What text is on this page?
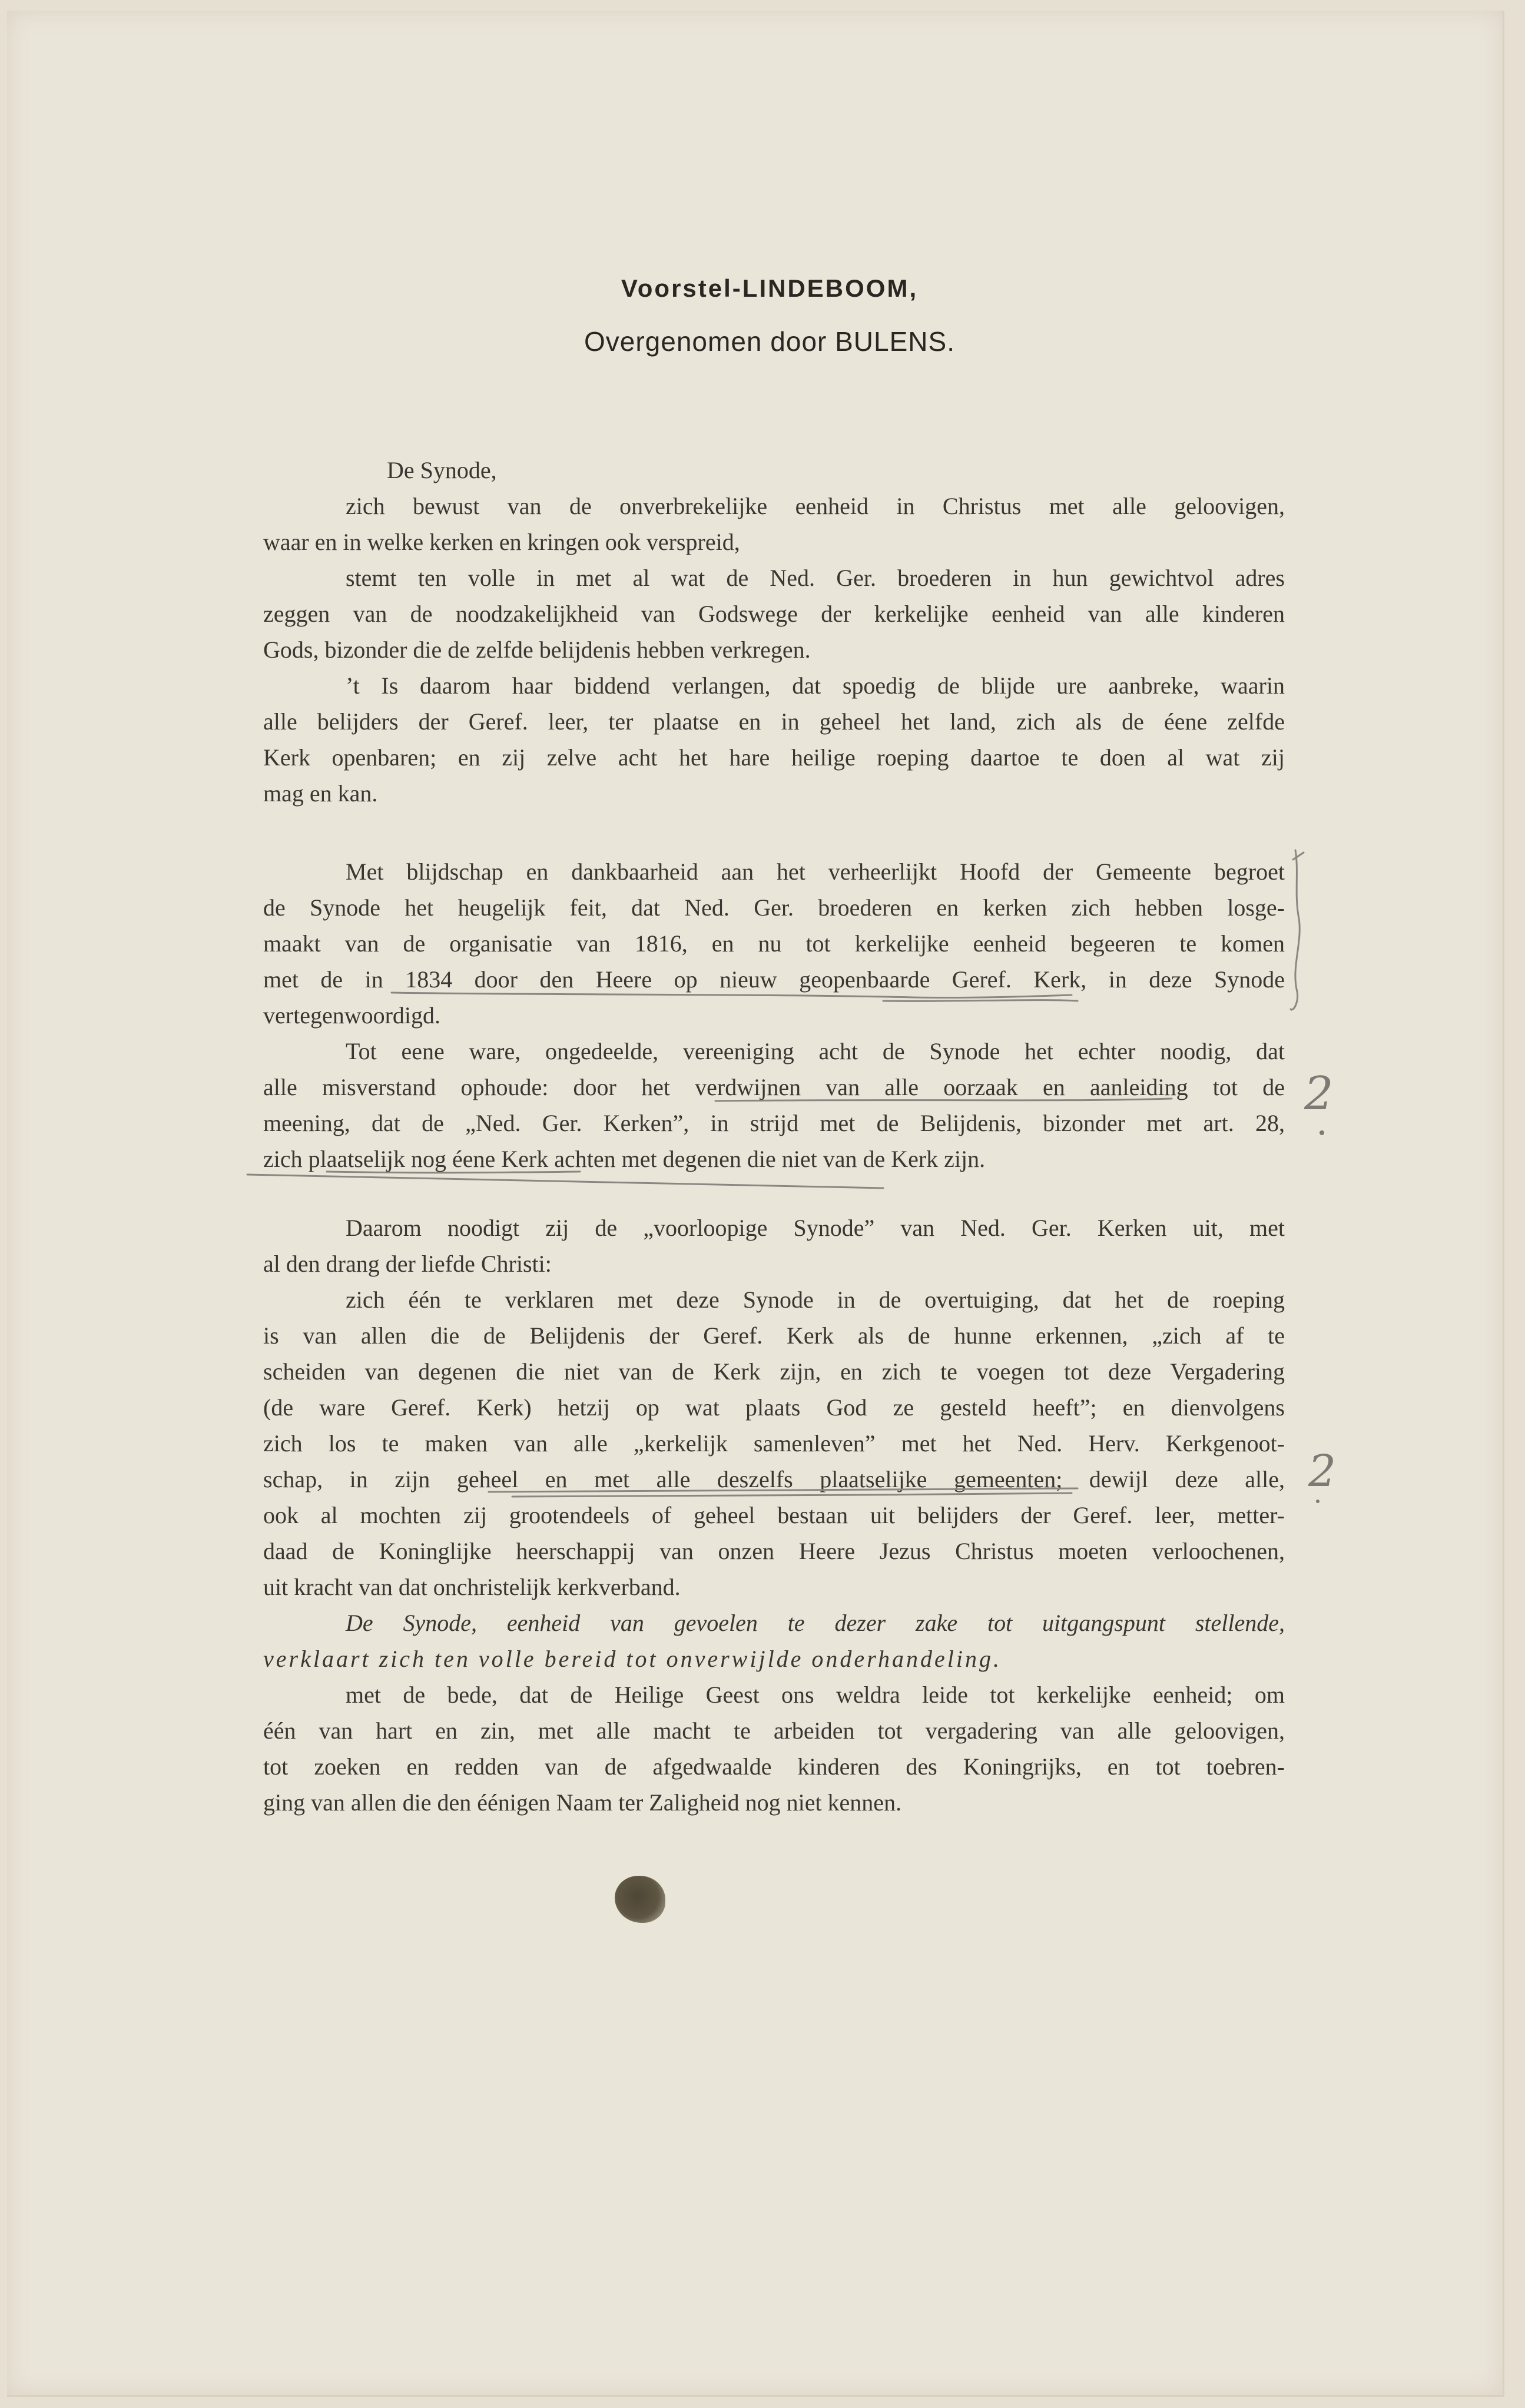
Voorstel-LINDEBOOM,
Overgenomen door BULENS.
De Synode,
zich bewust van de onverbrekelijke eenheid in Christus met alle geloovigen,
waar en in welke kerken en kringen ook verspreid,
stemt ten volle in met al wat de Ned. Ger. broederen in hun gewichtvol adres
zeggen van de noodzakelijkheid van Godswege der kerkelijke eenheid van alle kinderen
Gods, bizonder die de zelfde belijdenis hebben verkregen.
’t Is daarom haar biddend verlangen, dat spoedig de blijde ure aanbreke, waarin
alle belijders der Geref. leer, ter plaatse en in geheel het land, zich als de éene zelfde
Kerk openbaren; en zij zelve acht het hare heilige roeping daartoe te doen al wat zij
mag en kan.
Met blijdschap en dankbaarheid aan het verheerlijkt Hoofd der Gemeente begroet
de Synode het heugelijk feit, dat Ned. Ger. broederen en kerken zich hebben losge-
maakt van de organisatie van 1816, en nu tot kerkelijke eenheid begeeren te komen
met de in 1834 door den Heere op nieuw geopenbaarde Geref. Kerk, in deze Synode
vertegenwoordigd.
Tot eene ware, ongedeelde, vereeniging acht de Synode het echter noodig, dat
alle misverstand ophoude: door het verdwijnen van alle oorzaak en aanleiding tot de
meening, dat de „Ned. Ger. Kerken”, in strijd met de Belijdenis, bizonder met art. 28,
zich plaatselijk nog éene Kerk achten met degenen die niet van de Kerk zijn.
Daarom noodigt zij de „voorloopige Synode” van Ned. Ger. Kerken uit, met
al den drang der liefde Christi:
zich één te verklaren met deze Synode in de overtuiging, dat het de roeping
is van allen die de Belijdenis der Geref. Kerk als de hunne erkennen, „zich af te
scheiden van degenen die niet van de Kerk zijn, en zich te voegen tot deze Vergadering
(de ware Geref. Kerk) hetzij op wat plaats God ze gesteld heeft”; en dienvolgens
zich los te maken van alle „kerkelijk samenleven” met het Ned. Herv. Kerkgenoot-
schap, in zijn geheel en met alle deszelfs plaatselijke gemeenten; dewijl deze alle,
ook al mochten zij grootendeels of geheel bestaan uit belijders der Geref. leer, metter-
daad de Koninglijke heerschappij van onzen Heere Jezus Christus moeten verloochenen,
uit kracht van dat onchristelijk kerkverband.
De Synode, eenheid van gevoelen te dezer zake tot uitgangspunt stellende,
verklaart zich ten volle bereid tot onverwijlde onderhandeling.
met de bede, dat de Heilige Geest ons weldra leide tot kerkelijke eenheid; om
één van hart en zin, met alle macht te arbeiden tot vergadering van alle geloovigen,
tot zoeken en redden van de afgedwaalde kinderen des Koningrijks, en tot toebren-
ging van allen die den éénigen Naam ter Zaligheid nog niet kennen.
2
2
